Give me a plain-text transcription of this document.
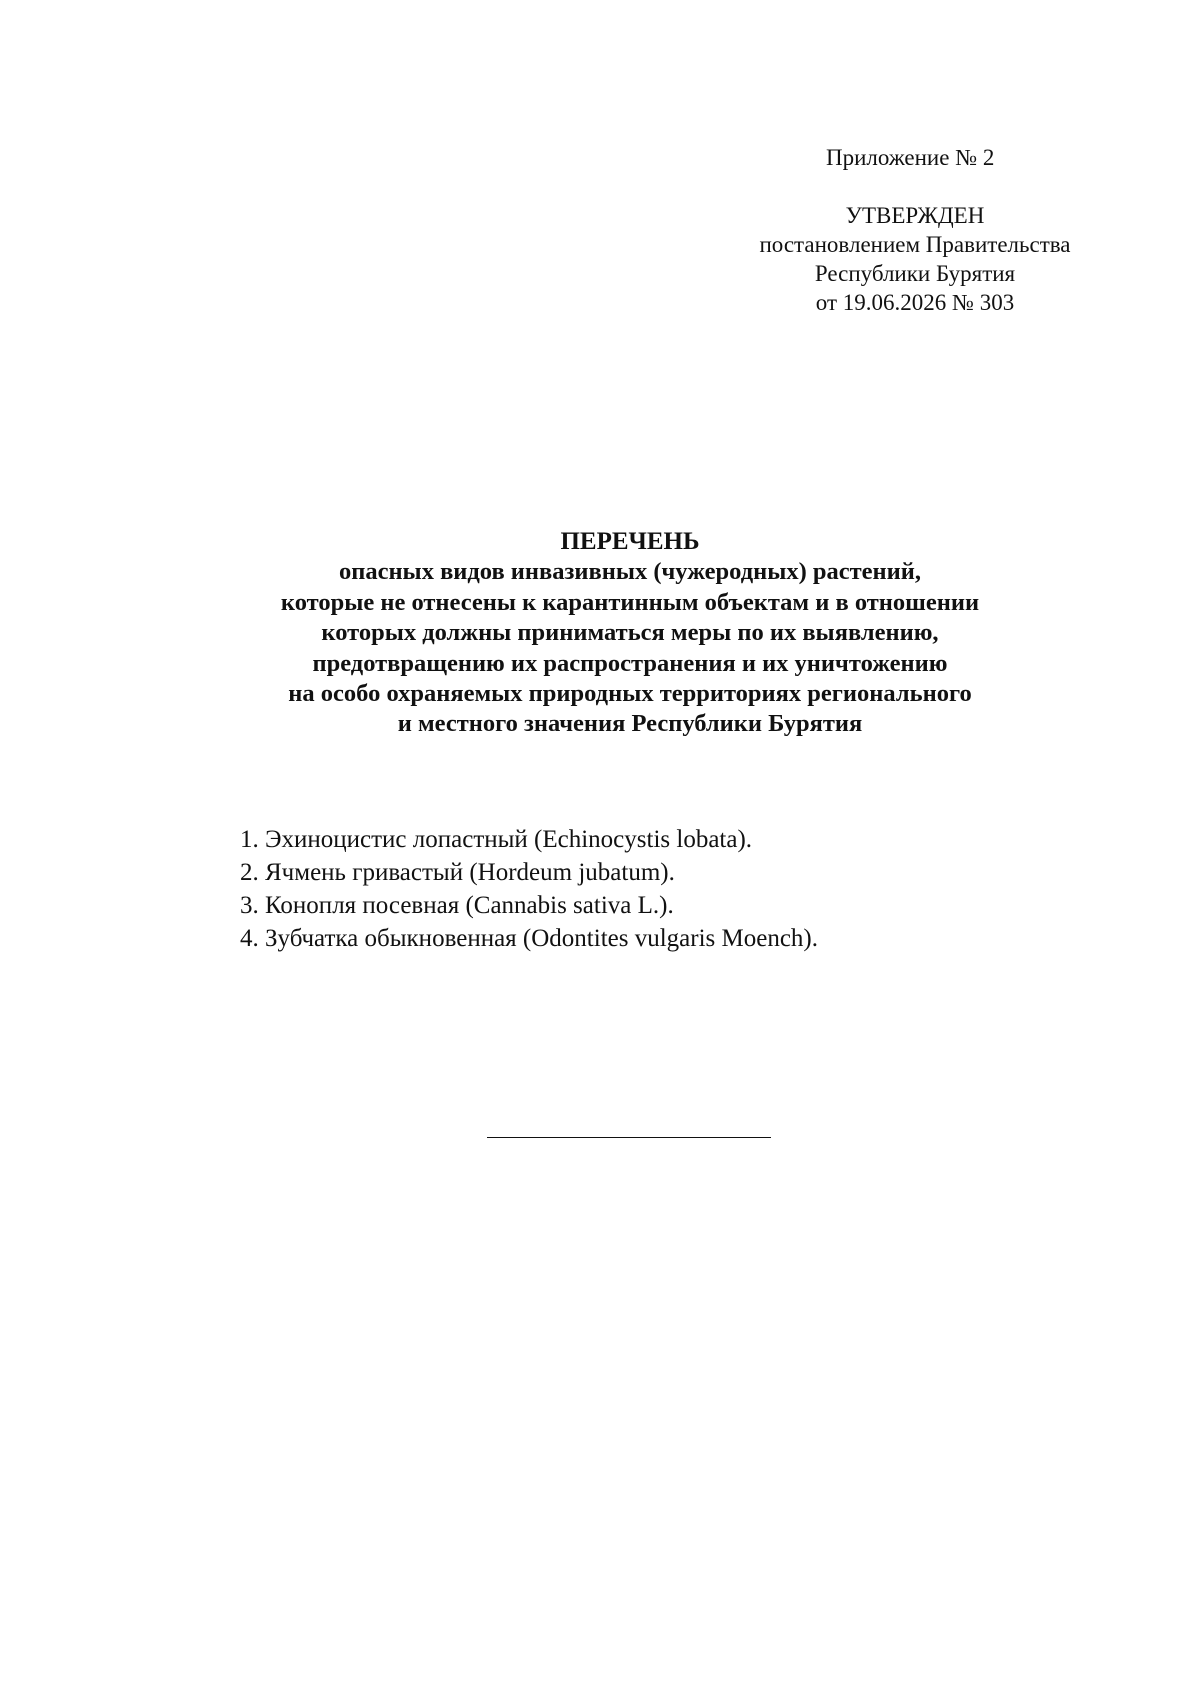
Приложение № 2
УТВЕРЖДЕН
постановлением Правительства
Республики Бурятия
от 19.06.2026 № 303
ПЕРЕЧЕНЬ
опасных видов инвазивных (чужеродных) растений,
которые не отнесены к карантинным объектам и в отношении
которых должны приниматься меры по их выявлению,
предотвращению их распространения и их уничтожению
на особо охраняемых природных территориях регионального
и местного значения Республики Бурятия
1. Эхиноцистис лопастный (Echinocystis lobata).
2. Ячмень гривастый (Hordeum jubatum).
3. Конопля посевная (Cannabis sativa L.).
4. Зубчатка обыкновенная (Odontites vulgaris Moench).
